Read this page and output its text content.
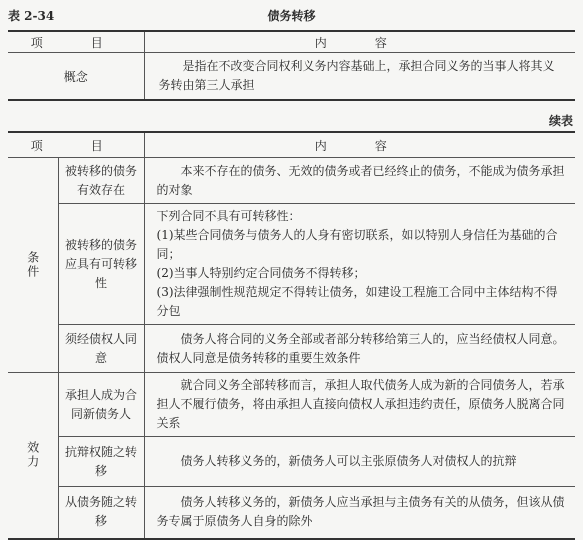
表 2-34	债务转移
项　目	内　容
概念	是指在不改变合同权利义务内容基础上，承担合同义务的当事人将其义务转由第三人承担
续表
项　目		内　容
条件	被转移的债务有效存在	本来不存在的债务、无效的债务或者已经终止的债务，不能成为债务承担的对象

	被转移的债务应具有可转移性	下列合同不具有可转移性：

(1)某些合同债务与债务人的人身有密切联系，如以特别人身信任为基础的合同；

(2)当事人特别约定合同债务不得转移；

(3)法律强制性规范规定不得转让债务，如建设工程施工合同中主体结构不得分包

	须经债权人同意	债务人将合同的义务全部或者部分转移给第三人的，应当经债权人同意。债权人同意是债务转移的重要生效条件

效力	承担人成为合同新债务人	就合同义务全部转移而言，承担人取代债务人成为新的合同债务人，若承担人不履行债务，将由承担人直接向债权人承担违约责任，原债务人脱离合同关系

	抗辩权随之转移	债务人转移义务的，新债务人可以主张原债务人对债权人的抗辩

	从债务随之转移	债务人转移义务的，新债务人应当承担与主债务有关的从债务，但该从债务专属于原债务人自身的除外
